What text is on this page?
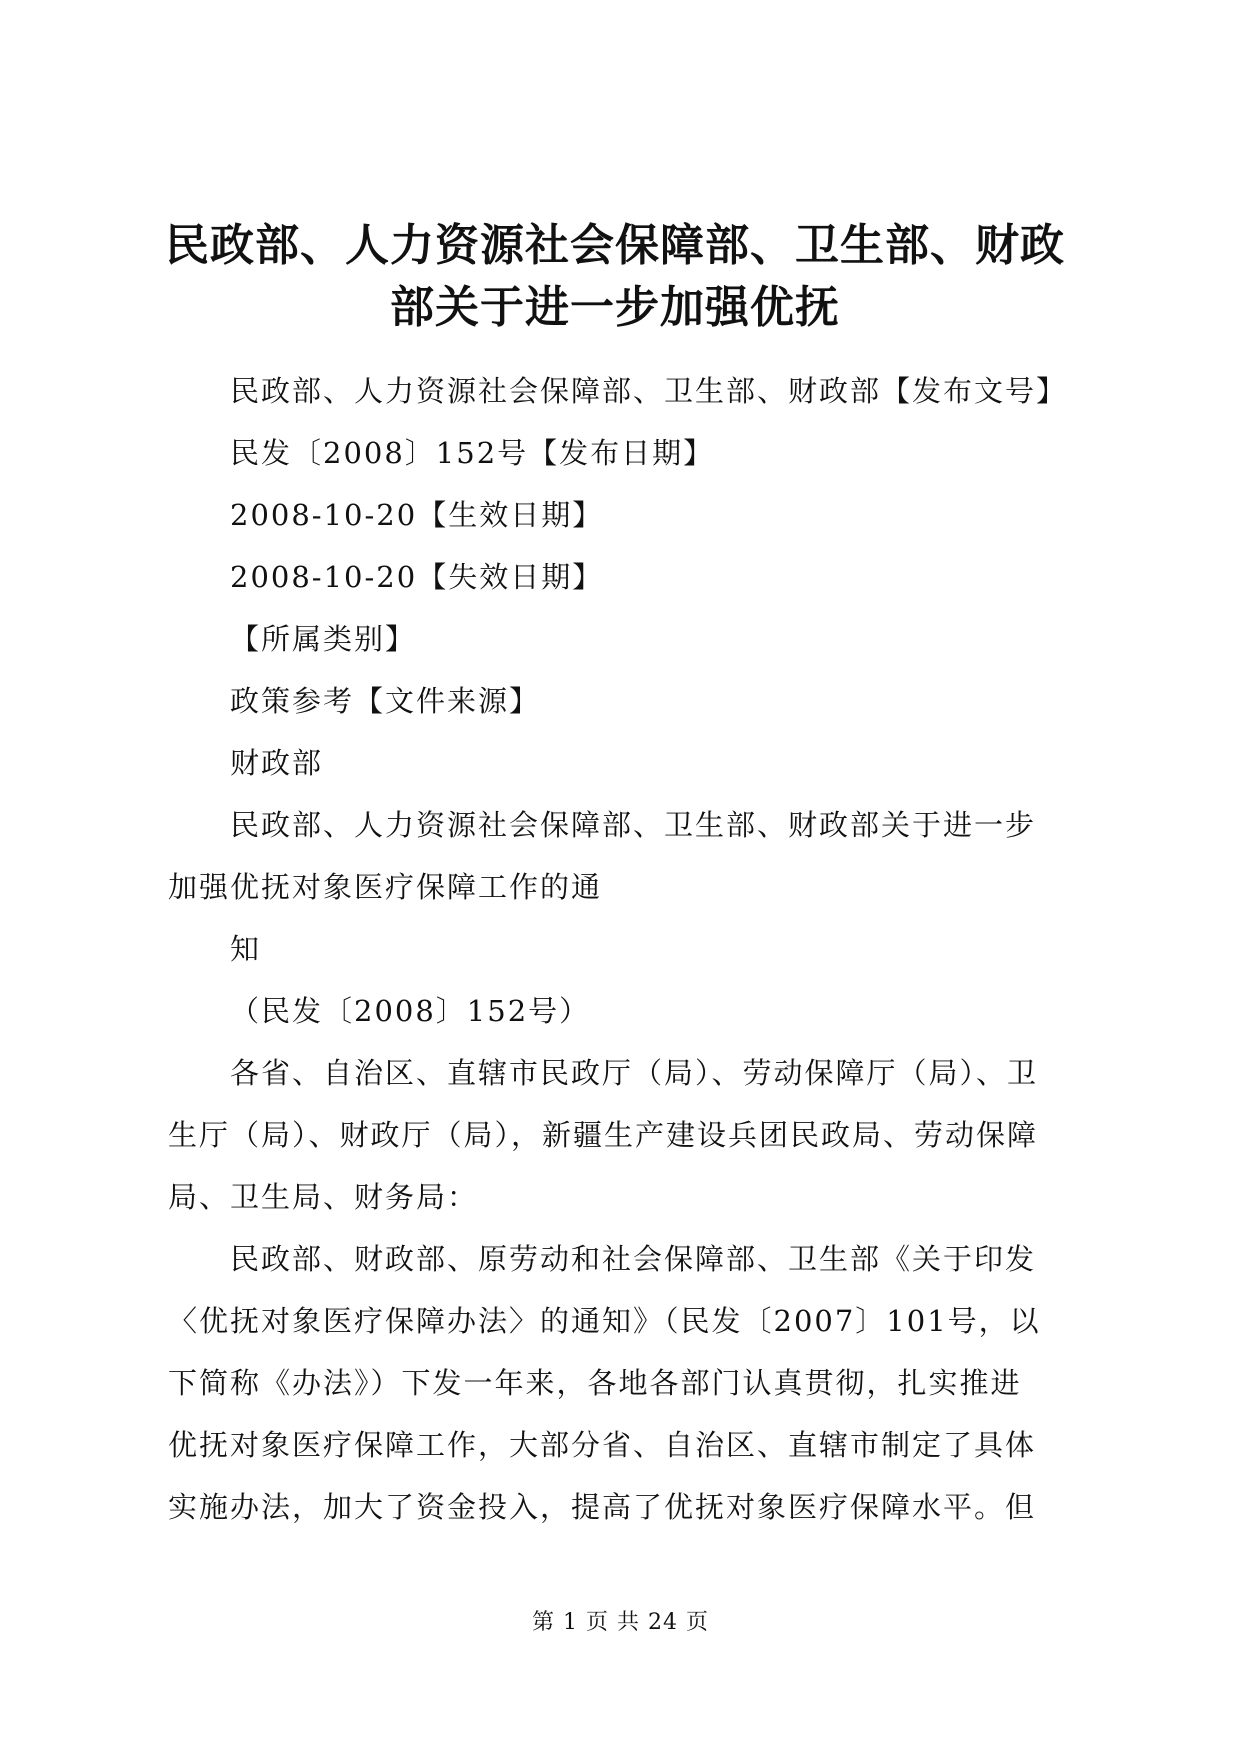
民政部、人力资源社会保障部、卫生部、财政
部关于进一步加强优抚

民政部、人力资源社会保障部、卫生部、财政部【发布文号】

民发〔2008〕152号【发布日期】

2008-10-20【生效日期】

2008-10-20【失效日期】

【所属类别】

政策参考【文件来源】

财政部

民政部、人力资源社会保障部、卫生部、财政部关于进一步

加强优抚对象医疗保障工作的通

知

（民发〔2008〕152号）

各省、自治区、直辖市民政厅（局）、劳动保障厅（局）、卫

生厅（局）、财政厅（局），新疆生产建设兵团民政局、劳动保障

局、卫生局、财务局：

民政部、财政部、原劳动和社会保障部、卫生部《关于印发

〈优抚对象医疗保障办法〉的通知》（民发〔2007〕101号，以

下简称《办法》）下发一年来，各地各部门认真贯彻，扎实推进

优抚对象医疗保障工作，大部分省、自治区、直辖市制定了具体

实施办法，加大了资金投入，提高了优抚对象医疗保障水平。但

第 1 页 共 24 页
